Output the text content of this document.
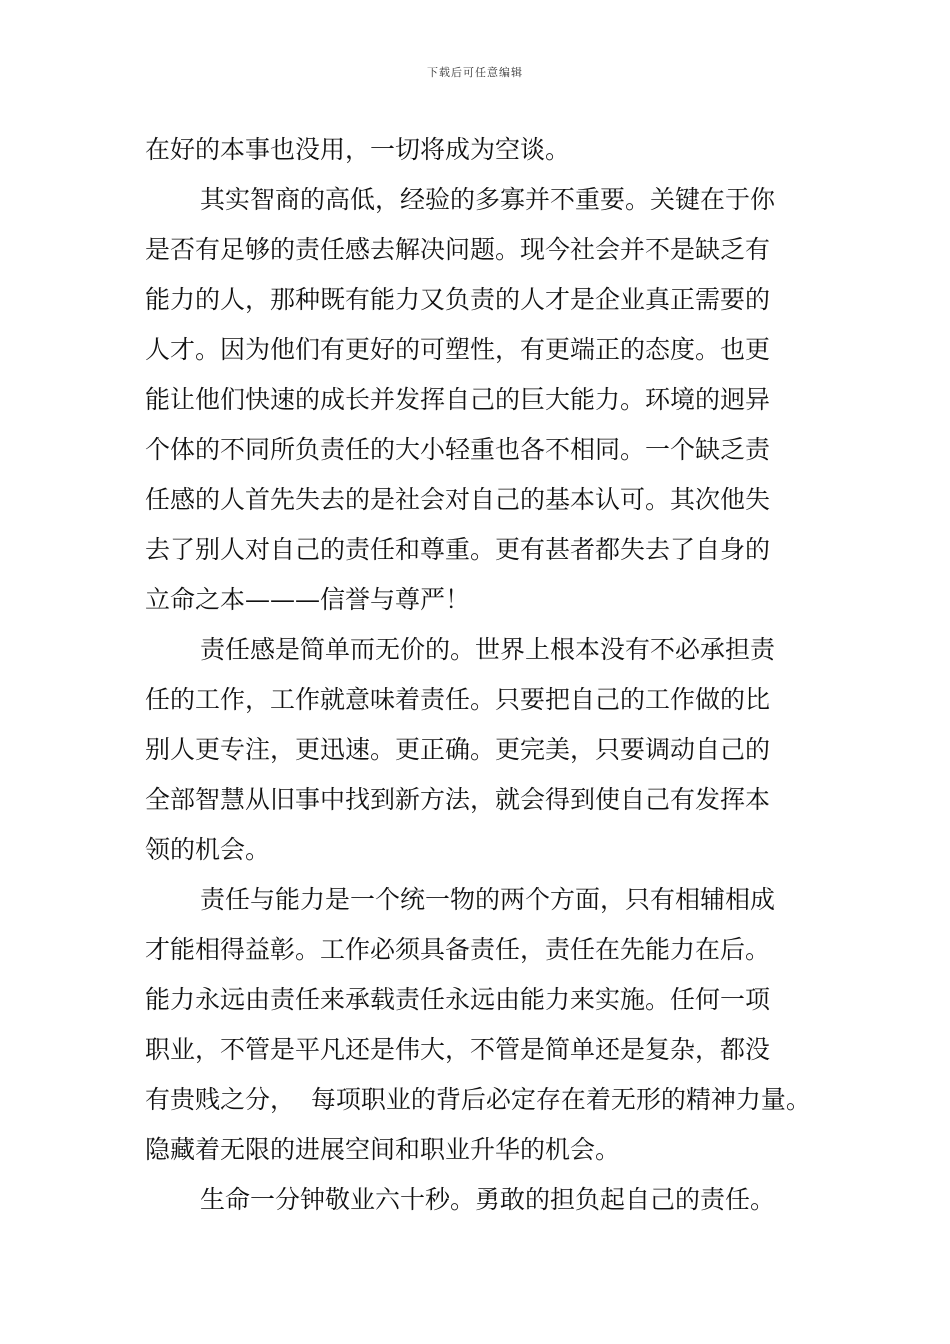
下载后可任意编辑
在好的本事也没用，一切将成为空谈。
其实智商的高低，经验的多寡并不重要。关键在于你
是否有足够的责任感去解决问题。现今社会并不是缺乏有
能力的人，那种既有能力又负责的人才是企业真正需要的
人才。因为他们有更好的可塑性，有更端正的态度。也更
能让他们快速的成长并发挥自己的巨大能力。环境的迥异
个体的不同所负责任的大小轻重也各不相同。一个缺乏责
任感的人首先失去的是社会对自己的基本认可。其次他失
去了别人对自己的责任和尊重。更有甚者都失去了自身的
立命之本———信誉与尊严！
责任感是简单而无价的。世界上根本没有不必承担责
任的工作，工作就意味着责任。只要把自己的工作做的比
别人更专注，更迅速。更正确。更完美，只要调动自己的
全部智慧从旧事中找到新方法，就会得到使自己有发挥本
领的机会。
责任与能力是一个统一物的两个方面，只有相辅相成
才能相得益彰。工作必须具备责任，责任在先能力在后。
能力永远由责任来承载责任永远由能力来实施。任何一项
职业，不管是平凡还是伟大，不管是简单还是复杂，都没
有贵贱之分，  每项职业的背后必定存在着无形的精神力量。
隐藏着无限的进展空间和职业升华的机会。
生命一分钟敬业六十秒。勇敢的担负起自己的责任。
